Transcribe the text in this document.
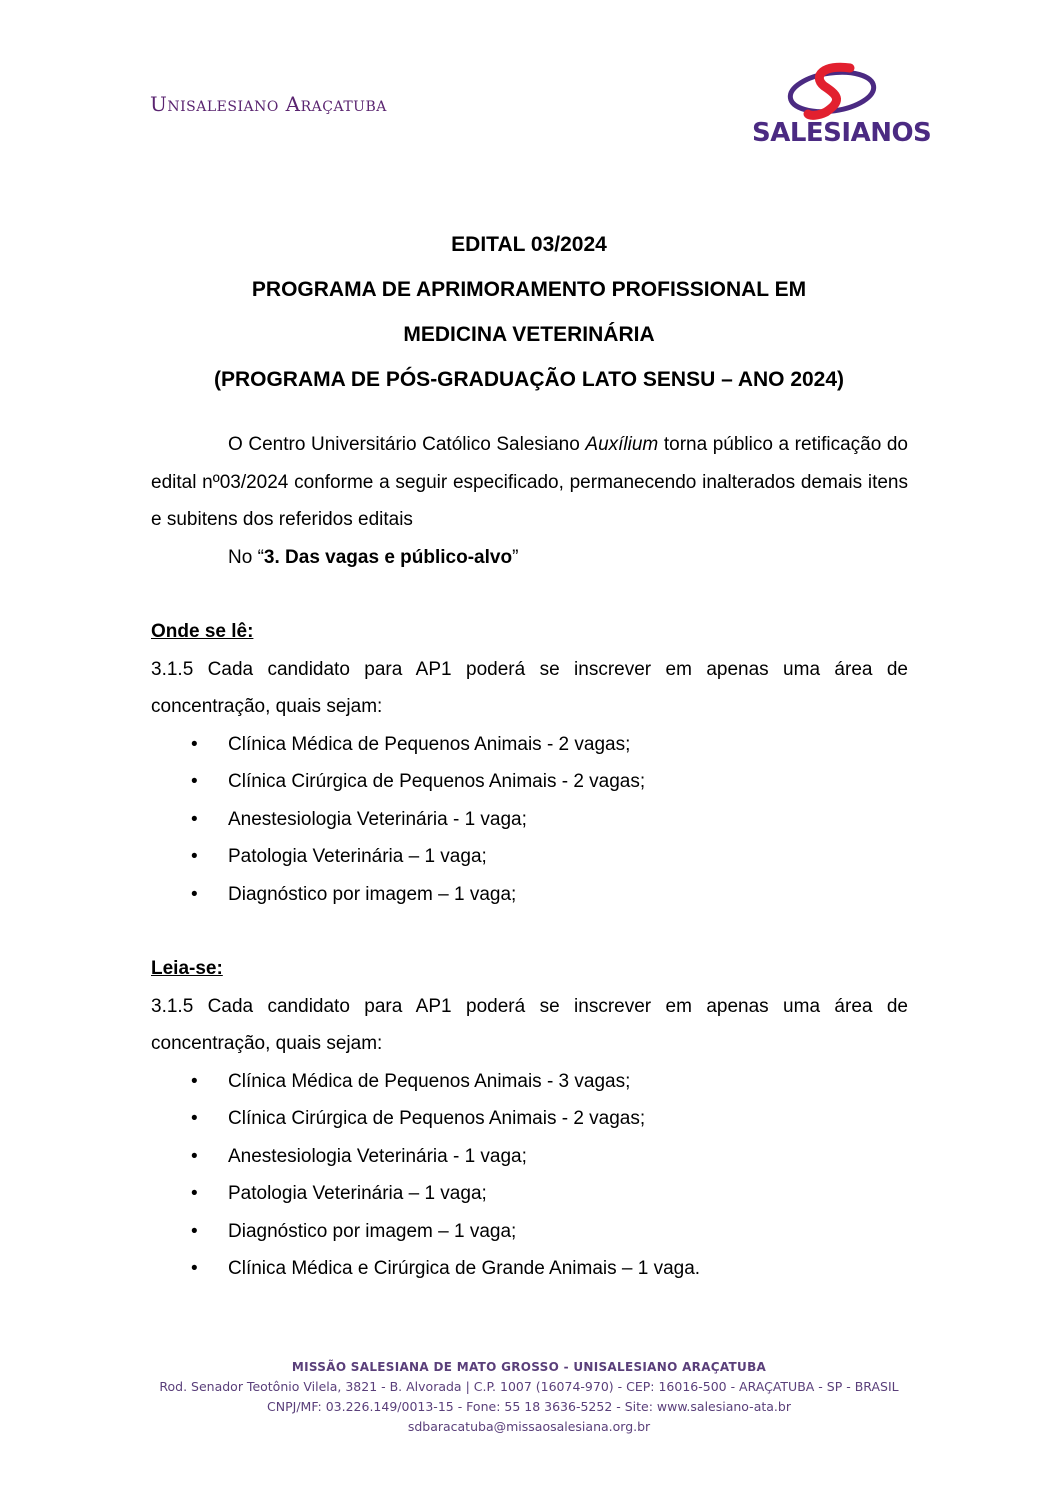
Unisalesiano Araçatuba
SALESIANOS
EDITAL 03/2024
PROGRAMA DE APRIMORAMENTO PROFISSIONAL EM
MEDICINA VETERINÁRIA
(PROGRAMA DE PÓS-GRADUAÇÃO LATO SENSU – ANO 2024)

O Centro Universitário Católico Salesiano Auxílium torna público a retificação do edital nº03/2024 conforme a seguir especificado, permanecendo inalterados demais itens e subitens dos referidos editais

No “3. Das vagas e público-alvo”

Onde se lê:

3.1.5 Cada candidato para AP1 poderá se inscrever em apenas uma área de concentração, quais sejam:

• Clínica Médica de Pequenos Animais - 2 vagas;
• Clínica Cirúrgica de Pequenos Animais - 2 vagas;
• Anestesiologia Veterinária - 1 vaga;
• Patologia Veterinária – 1 vaga;
• Diagnóstico por imagem – 1 vaga;

Leia-se:

3.1.5 Cada candidato para AP1 poderá se inscrever em apenas uma área de concentração, quais sejam:

• Clínica Médica de Pequenos Animais - 3 vagas;
• Clínica Cirúrgica de Pequenos Animais - 2 vagas;
• Anestesiologia Veterinária - 1 vaga;
• Patologia Veterinária – 1 vaga;
• Diagnóstico por imagem – 1 vaga;
• Clínica Médica e Cirúrgica de Grande Animais – 1 vaga.
MISSÃO SALESIANA DE MATO GROSSO - UNISALESIANO ARAÇATUBA
Rod. Senador Teotônio Vilela, 3821 - B. Alvorada | C.P. 1007 (16074-970) - CEP: 16016-500 - ARAÇATUBA - SP - BRASIL
CNPJ/MF: 03.226.149/0013-15 - Fone: 55 18 3636-5252 - Site: www.salesiano-ata.br
sdbaracatuba@missaosalesiana.org.br
